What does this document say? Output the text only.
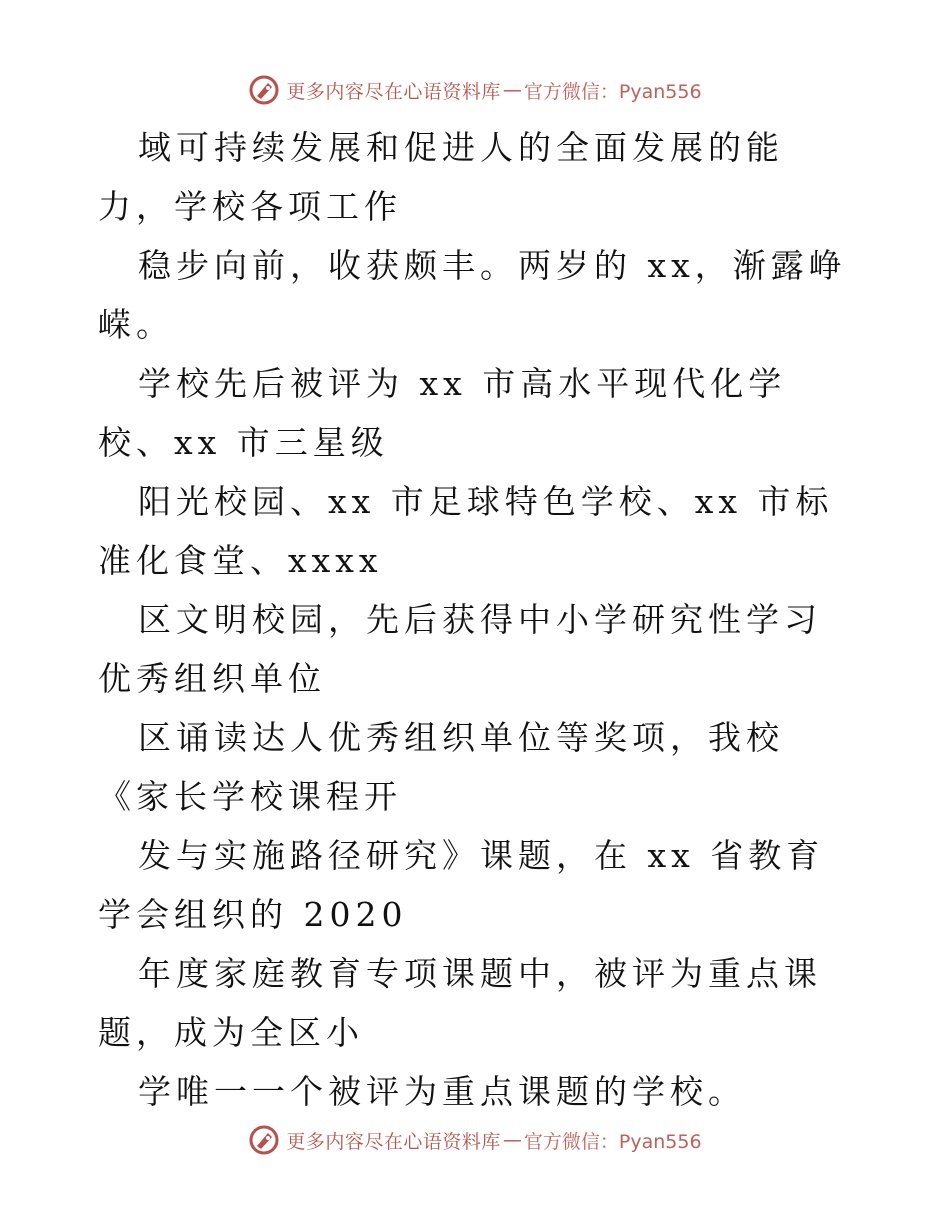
更多内容尽在心语资料库 — 官方微信：Pyan556

域可持续发展和促进人的全面发展的能力，学校各项工作

稳步向前，收获颇丰。两岁的 xx，渐露峥嵘。

学校先后被评为 xx 市高水平现代化学校、xx 市三星级

阳光校园、xx 市足球特色学校、xx 市标准化食堂、xxxx

区文明校园，先后获得中小学研究性学习优秀组织单位

区诵读达人优秀组织单位等奖项，我校《家长学校课程开

发与实施路径研究》课题，在 xx 省教育学会组织的 2020

年度家庭教育专项课题中，被评为重点课题，成为全区小

学唯一一个被评为重点课题的学校。

更多内容尽在心语资料库 — 官方微信：Pyan556
